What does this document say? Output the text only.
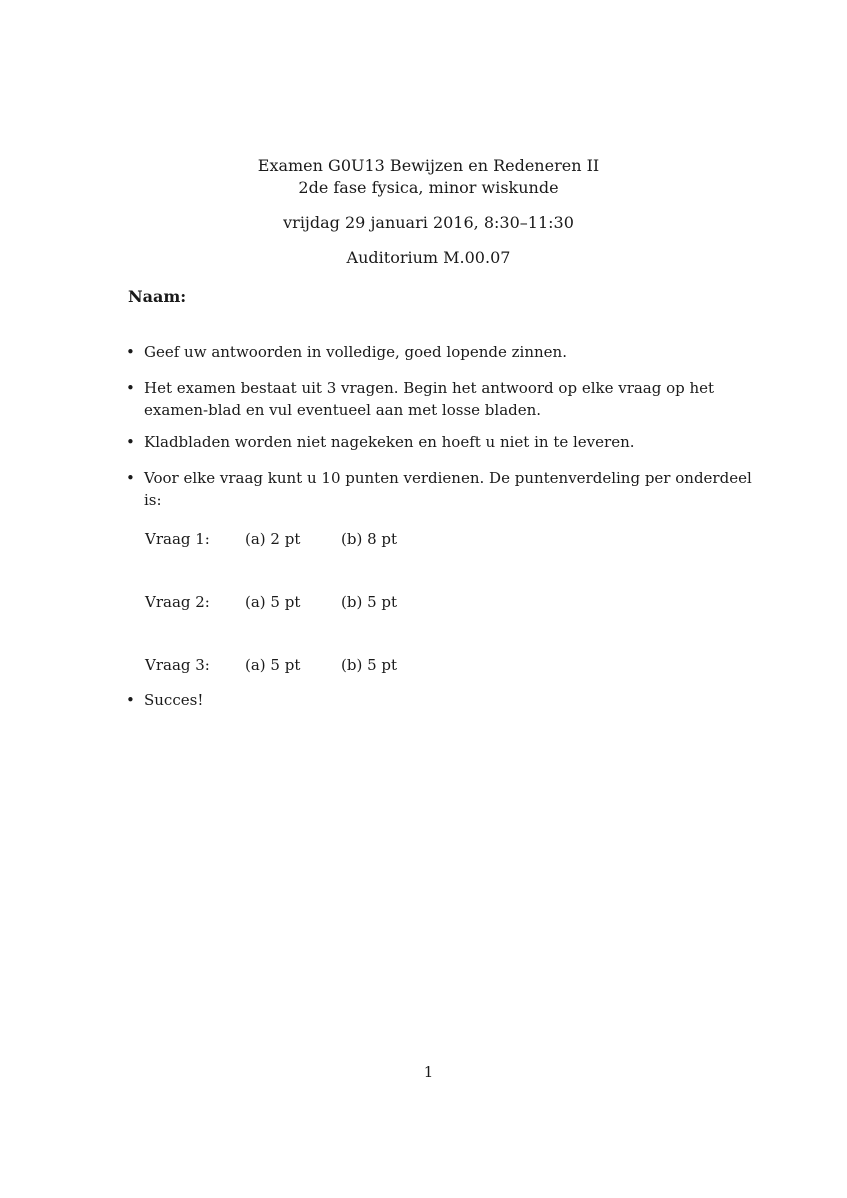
Examen G0U13 Bewijzen en Redeneren II
2de fase fysica, minor wiskunde
vrijdag 29 januari 2016, 8:30–11:30
Auditorium M.00.07
Naam:
• Geef uw antwoorden in volledige, goed lopende zinnen.
• Het examen bestaat uit 3 vragen. Begin het antwoord op elke vraag op het examen-blad en vul eventueel aan met losse bladen.
• Kladbladen worden niet nagekeken en hoeft u niet in te leveren.
• Voor elke vraag kunt u 10 punten verdienen. De puntenverdeling per onderdeel is:
Vraag 1: (a) 2 pt	(b) 8 pt
Vraag 2: (a) 5 pt	(b) 5 pt
Vraag 3: (a) 5 pt	(b) 5 pt
• Succes!
1
